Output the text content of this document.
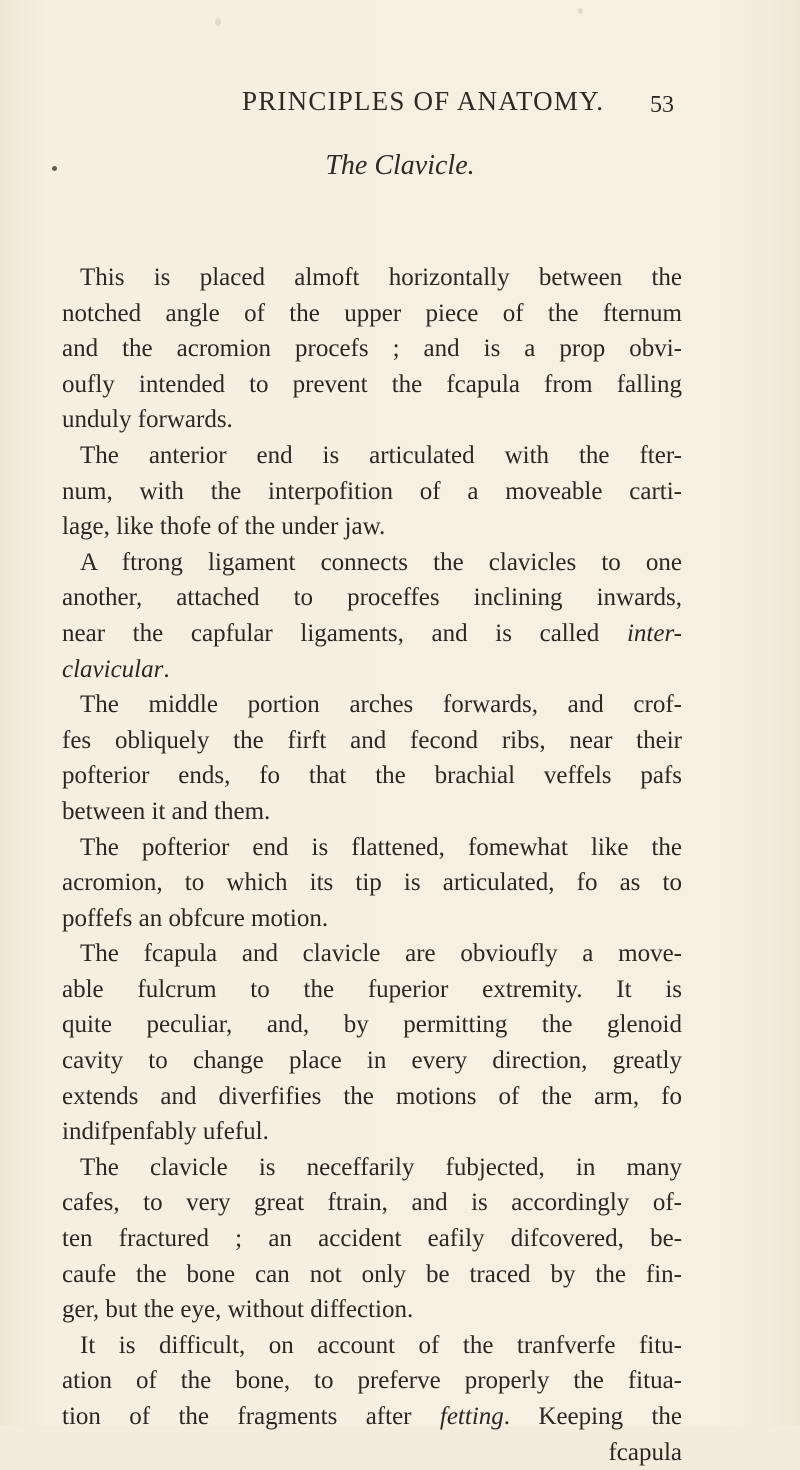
PRINCIPLES OF ANATOMY. 53
The Clavicle.
This is placed almoft horizontally between the
notched angle of the upper piece of the fternum
and the acromion procefs ; and is a prop obvi-
oufly intended to prevent the fcapula from falling
unduly forwards.
The anterior end is articulated with the fter-
num, with the interpofition of a moveable carti-
lage, like thofe of the under jaw.
A ftrong ligament connects the clavicles to one
another, attached to proceffes inclining inwards,
near the capfular ligaments, and is called inter-
clavicular.
The middle portion arches forwards, and crof-
fes obliquely the firft and fecond ribs, near their
pofterior ends, fo that the brachial veffels pafs
between it and them.
The pofterior end is flattened, fomewhat like the
acromion, to which its tip is articulated, fo as to
poffefs an obfcure motion.
The fcapula and clavicle are obvioufly a move-
able fulcrum to the fuperior extremity. It is
quite peculiar, and, by permitting the glenoid
cavity to change place in every direction, greatly
extends and diverfifies the motions of the arm, fo
indifpenfably ufeful.
The clavicle is neceffarily fubjected, in many
cafes, to very great ftrain, and is accordingly of-
ten fractured ; an accident eafily difcovered, be-
caufe the bone can not only be traced by the fin-
ger, but the eye, without diffection.
It is difficult, on account of the tranfverfe fitu-
ation of the bone, to preferve properly the fitua-
tion of the fragments after fetting. Keeping the
fcapula
